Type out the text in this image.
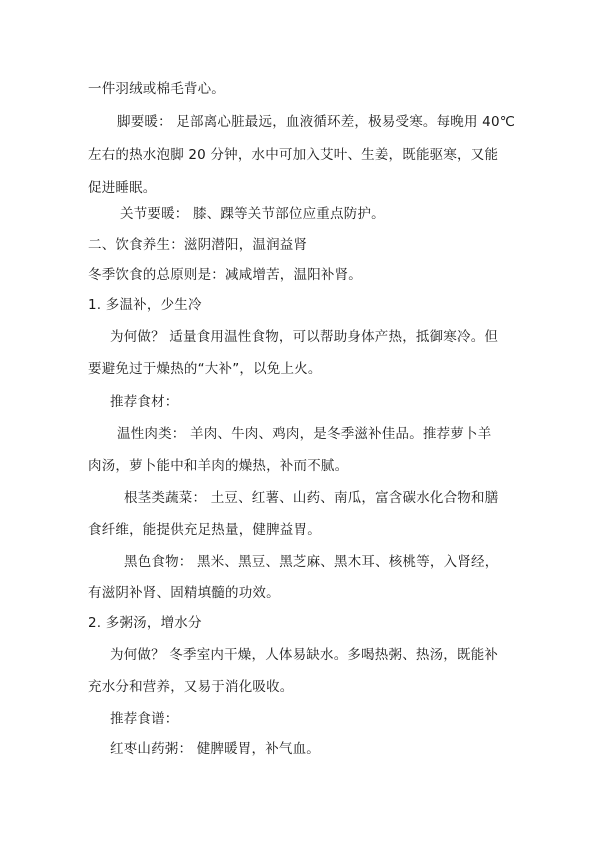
一件羽绒或棉毛背心。
脚要暖： 足部离心脏最远，血液循环差，极易受寒。每晚用 40℃
左右的热水泡脚 20 分钟，水中可加入艾叶、生姜，既能驱寒，又能
促进睡眠。
关节要暖： 膝、踝等关节部位应重点防护。
二、饮食养生：滋阴潜阳，温润益肾
冬季饮食的总原则是：减咸增苦，温阳补肾。
1. 多温补，少生冷
为何做？ 适量食用温性食物，可以帮助身体产热，抵御寒冷。但
要避免过于燥热的“大补”，以免上火。
推荐食材：
温性肉类： 羊肉、牛肉、鸡肉，是冬季滋补佳品。推荐萝卜羊
肉汤，萝卜能中和羊肉的燥热，补而不腻。
根茎类蔬菜： 土豆、红薯、山药、南瓜，富含碳水化合物和膳
食纤维，能提供充足热量，健脾益胃。
黑色食物： 黑米、黑豆、黑芝麻、黑木耳、核桃等，入肾经，
有滋阴补肾、固精填髓的功效。
2. 多粥汤，增水分
为何做？ 冬季室内干燥，人体易缺水。多喝热粥、热汤，既能补
充水分和营养，又易于消化吸收。
推荐食谱：
红枣山药粥： 健脾暖胃，补气血。
